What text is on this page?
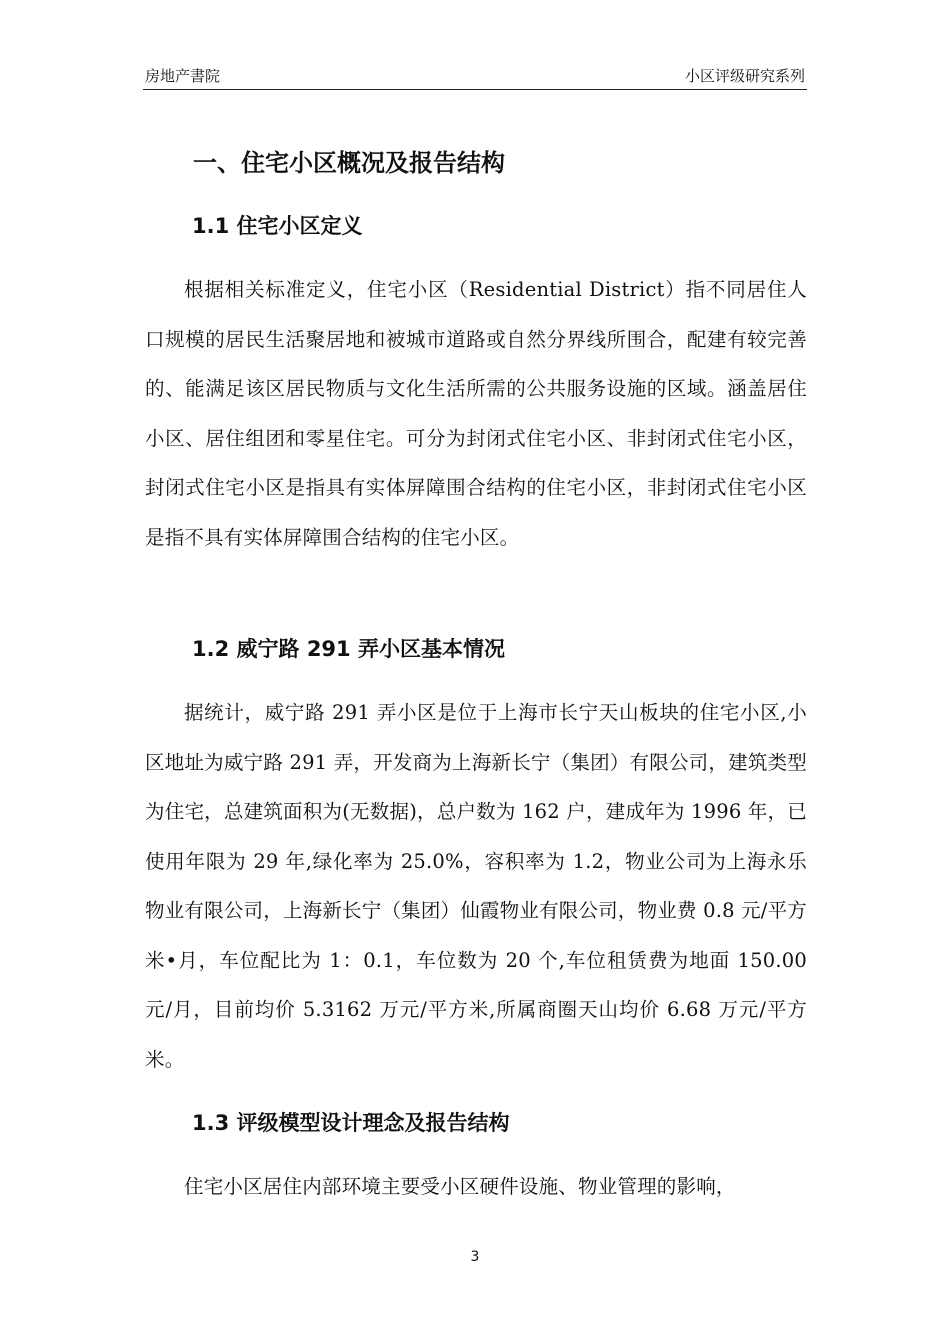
房地产書院	小区评级研究系列
一、住宅小区概况及报告结构
1.1 住宅小区定义

根据相关标准定义，住宅小区（Residential District）指不同居住人口规模的居民生活聚居地和被城市道路或自然分界线所围合，配建有较完善的、能满足该区居民物质与文化生活所需的公共服务设施的区域。涵盖居住小区、居住组团和零星住宅。可分为封闭式住宅小区、非封闭式住宅小区，封闭式住宅小区是指具有实体屏障围合结构的住宅小区，非封闭式住宅小区是指不具有实体屏障围合结构的住宅小区。

1.2 威宁路 291 弄小区基本情况

据统计，威宁路 291 弄小区是位于上海市长宁天山板块的住宅小区,小区地址为威宁路 291 弄，开发商为上海新长宁（集团）有限公司，建筑类型为住宅，总建筑面积为(无数据)，总户数为 162 户，建成年为 1996 年，已使用年限为 29 年,绿化率为 25.0%，容积率为 1.2，物业公司为上海永乐物业有限公司，上海新长宁（集团）仙霞物业有限公司，物业费 0.8 元/平方米•月，车位配比为 1：0.1，车位数为 20 个,车位租赁费为地面 150.00 元/月，目前均价 5.3162 万元/平方米,所属商圈天山均价 6.68 万元/平方米。

1.3 评级模型设计理念及报告结构

住宅小区居住内部环境主要受小区硬件设施、物业管理的影响，

3
